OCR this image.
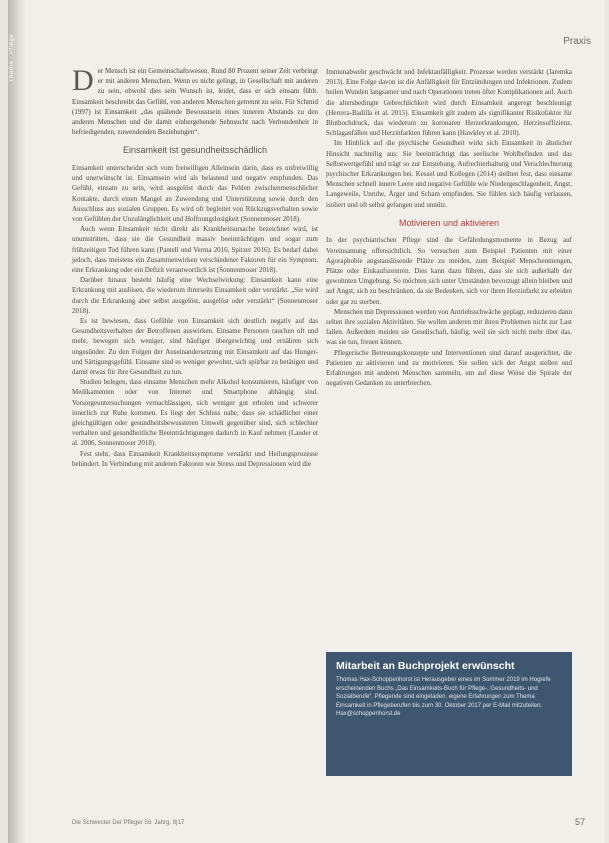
Thema · Pflege	Praxis

Der Mensch ist ein Gemeinschaftswesen. Rund 80 Prozent seiner Zeit verbringt er mit anderen Menschen. Wenn es nicht gelingt, in Gesellschaft mit anderen zu sein, obwohl dies sein Wunsch ist, leidet, dass er sich einsam fühlt. Einsamkeit beschreibt das Gefühl, von anderen Menschen getrennt zu sein. Für Schmid (1997) ist Einsamkeit „das quälende Bewusstsein eines inneren Abstands zu den anderen Menschen und die damit einhergehende Sehnsucht nach Verbundenheit in befriedigenden, zuwendenden Beziehungen“.

Einsamkeit ist gesundheitsschädlich

Einsamkeit unterscheidet sich vom freiwilligen Alleinsein darin, dass es unfreiwillig und unerwünscht ist. Einsamsein wird als belastend und negativ empfunden. Das Gefühl, einsam zu sein, wird ausgelöst durch das Fehlen zwischenmenschlicher Kontakte, durch einen Mangel an Zuwendung und Unterstützung sowie durch den Ausschluss aus sozialen Gruppen. Es wird oft begleitet von Rückzugsverhalten sowie von Gefühlen der Unzulänglichkeit und Hoffnungslosigkeit (Sonnenmoser 2018).

Auch wenn Einsamkeit nicht direkt als Krankheitsursache bezeichnet wird, ist unumstritten, dass sie die Gesundheit massiv beeinträchtigen und sogar zum frühzeitigen Tod führen kann (Pantell und Verma 2016, Spitzer 2016). Es bedarf dabei jedoch, dass meistens ein Zusammenwirken verschiedener Faktoren für ein Symptom, eine Erkrankung oder ein Defizit verantwortlich ist (Sonnenmoser 2018).

Darüber hinaus besteht häufig eine Wechselwirkung: Einsamkeit kann eine Erkrankung mit auslösen, die wiederum ihrerseits Einsamkeit oder verstärkt. „Sie wird durch die Erkrankung aber selbst ausgelöst, ausgelöst oder verstärkt“ (Sonnenmoser 2018).

Es ist bewiesen, dass Gefühle von Einsamkeit sich deutlich negativ auf das Gesundheitsverhalten der Betroffenen auswirken. Einsame Personen rauchen oft und mehr, bewegen sich weniger, sind häufiger übergewichtig und ernähren sich ungesünder. Zu den Folgen der Auseinandersetzung mit Einsamkeit auf das Hunger- und Sättigungsgefühl. Einsame sind es weniger gewohnt, sich spürbar zu betätigen und damit etwas für ihre Gesundheit zu tun.

Studien belegen, dass einsame Menschen mehr Alkohol konsumieren, häufiger von Medikamenten oder von Internet und Smartphone abhängig sind. Vorsorgeuntersuchungen vernachlässigen, sich weniger gut erholen und schwerer innerlich zur Ruhe kommen. Es liegt der Schluss nahe, dass sie schädlicher einer gleichgültigen oder gesundheitsbewussteren Umwelt gegenüber sind, sich schlechter verhalten und gesundheitliche Beeinträchtigungen dadurch in Kauf nehmen (Lauder et al. 2006, Sonnenmoser 2018).

Fest steht, dass Einsamkeit Krankheitssymptome verstärkt und Heilungsprozesse behindert. In Verbindung mit anderen Faktoren wie Stress und Depressionen wird die

Immunabwehr geschwächt und Infektanfälligkeit. Prozesse werden verstärkt (Jaremka 2013). Eine Folge davon ist die Anfälligkeit für Entzündungen und Infektionen. Zudem heilen Wunden langsamer und nach Operationen treten öfter Komplikationen auf. Auch die altersbedingte Gebrechlichkeit wird durch Einsamkeit angeregt beschleunigt (Herrera-Badilla et al. 2015). Einsamkeit gilt zudem als signifikanter Risikofaktor für Bluthochdruck, das wiederum zu koronaren Herzerkrankungen, Herzinsuffizienz, Schlaganfällen und Herzinfarkten führen kann (Hawkley et al. 2010).

Im Hinblick auf die psychische Gesundheit wirkt sich Einsamkeit in ähnlicher Hinsicht nachteilig aus: Sie beeinträchtigt das seelische Wohlbefinden und das Selbstwertgefühl und trägt so zur Entstehung, Aufrechterhaltung und Verschlechterung psychischer Erkrankungen bei. Kessel und Kollegen (2014) stellten fest, dass einsame Menschen schnell innere Leere und negative Gefühle wie Niedergeschlagenheit, Angst, Langeweile, Unruhe, Ärger und Scham empfinden. Sie fühlen sich häufig verlassen, isoliert und oft selbst gefangen und unnütz.

Motivieren und aktivieren

In der psychiatrischen Pflege sind die Gefährdungsmomente in Bezug auf Vereinsamung offensichtlich. So versuchen zum Beispiel Patienten mit einer Agoraphobie angstauslösende Plätze zu meiden, zum Beispiel Menschenmengen, Plätze oder Einkaufszentren. Dies kann dazu führen, dass sie sich außerhalb der gewohnten Umgebung. So möchten sich unter Umständen bevorzugt allein bleiben und auf Angst, sich zu beschränken, da sie Bedenken, sich vor ihren Herzinfarkt zu erleiden oder gar zu sterben.

Menschen mit Depressionen werden von Antriebsschwäche geplagt, reduzieren dann selten ihre sozialen Aktivitäten. Sie wollen anderen mit ihren Problemen nicht zur Last fallen. Außerdem meiden sie Gesellschaft, häufig, weil sie sich nicht mehr über das, was sie tun, freuen können.

Pflegerische Betreuungskonzepte und Interventionen sind darauf ausgerichtet, die Patienten zu aktivieren und zu motivieren. Sie sollen sich der Angst stellen und Erfahrungen mit anderen Menschen sammeln, um auf diese Weise die Spirale der negativen Gedanken zu unterbrechen.

Mitarbeit an Buchprojekt erwünscht
Thomas Hax-Schoppenhorst ist Herausgeber eines im Sommer 2019 im Hogrefe erscheinenden Buchs „Das Einsamkeits-Buch für Pflege-, Gesundheits- und Sozialberufe“. Pflegende sind eingeladen, eigene Erfahrungen zum Thema Einsamkeit in Pflegeberufen bis zum 30. Oktober 2017 per E-Mail mitzuteilen: Hax@schoppenhorst.de
Die Schwester Der Pfleger 58. Jahrg. 8|17	57
